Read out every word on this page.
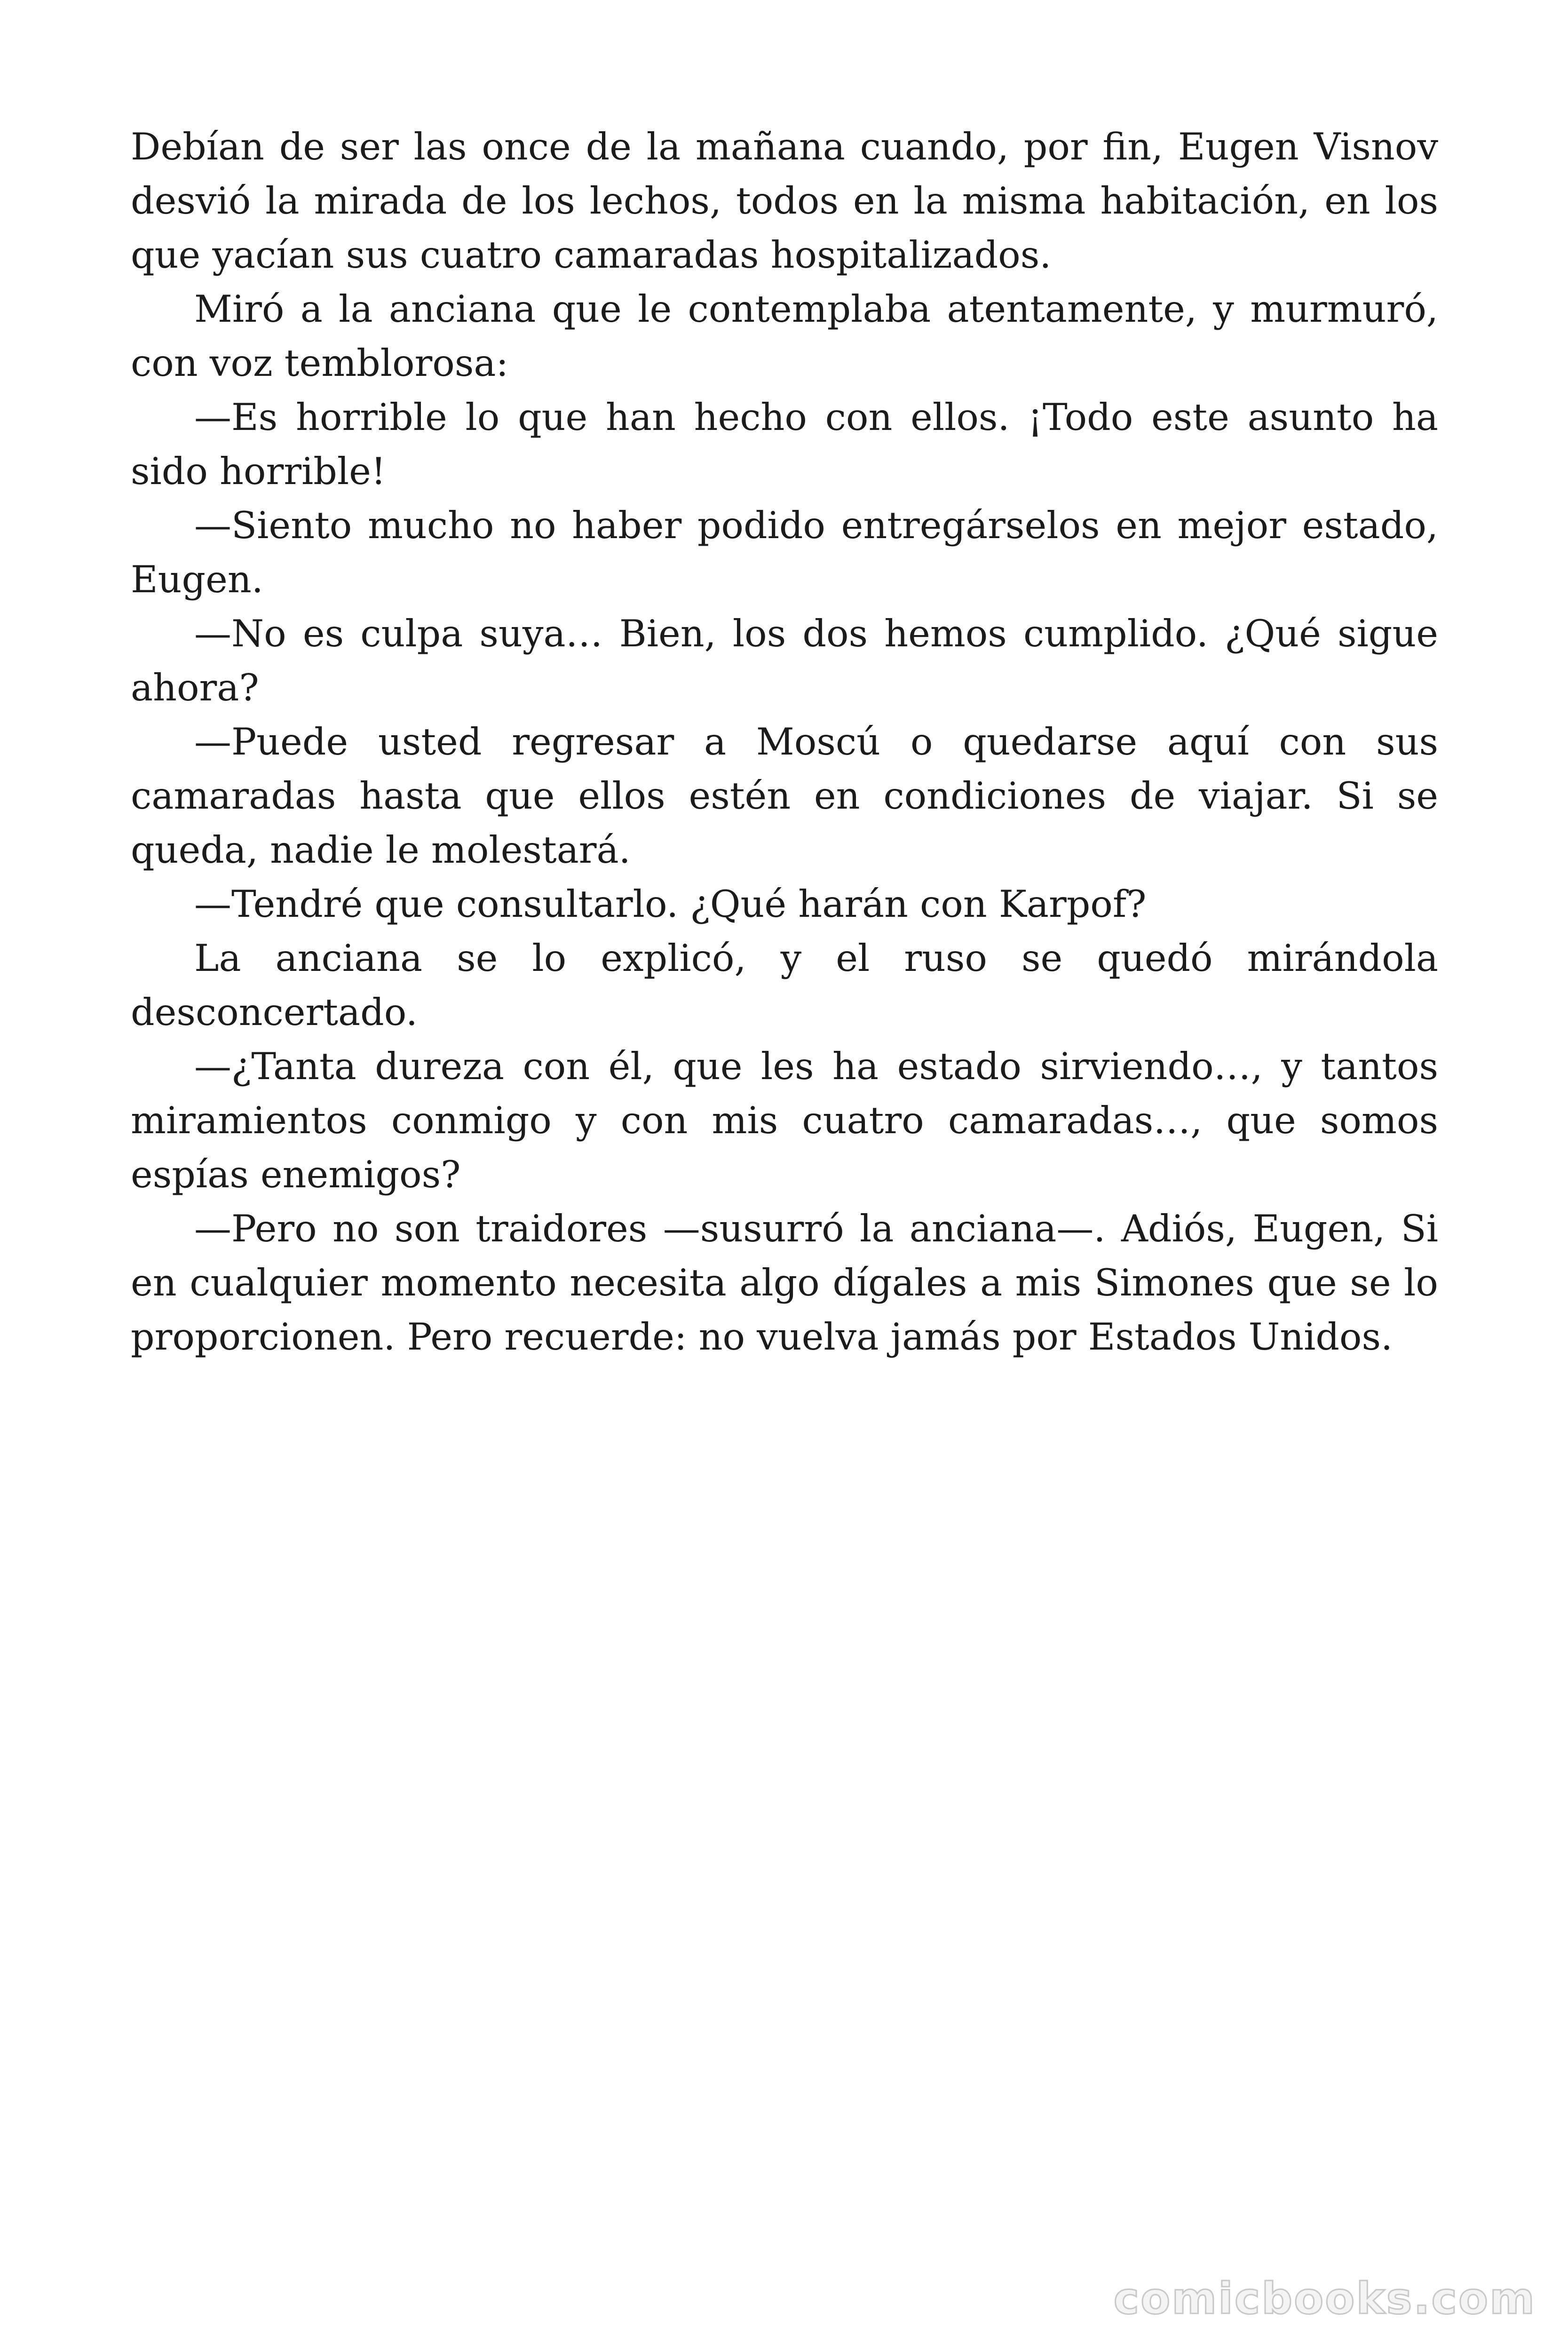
Debían de ser las once de la mañana cuando, por fin, Eugen Visnov desvió la mirada de los lechos, todos en la misma habitación, en los que yacían sus cuatro camaradas hospitalizados.

Miró a la anciana que le contemplaba atentamente, y murmuró, con voz temblorosa:

—Es horrible lo que han hecho con ellos. ¡Todo este asunto ha sido horrible!

—Siento mucho no haber podido entregárselos en mejor estado, Eugen.

—No es culpa suya… Bien, los dos hemos cumplido. ¿Qué sigue ahora?

—Puede usted regresar a Moscú o quedarse aquí con sus camaradas hasta que ellos estén en condiciones de viajar. Si se queda, nadie le molestará.

—Tendré que consultarlo. ¿Qué harán con Karpof?

La anciana se lo explicó, y el ruso se quedó mirándola desconcertado.

—¿Tanta dureza con él, que les ha estado sirviendo…, y tantos miramientos conmigo y con mis cuatro camaradas…, que somos espías enemigos?

—Pero no son traidores —susurró la anciana—. Adiós, Eugen, Si en cualquier momento necesita algo dígales a mis Simones que se lo proporcionen. Pero recuerde: no vuelva jamás por Estados Unidos.

comicbooks.com
